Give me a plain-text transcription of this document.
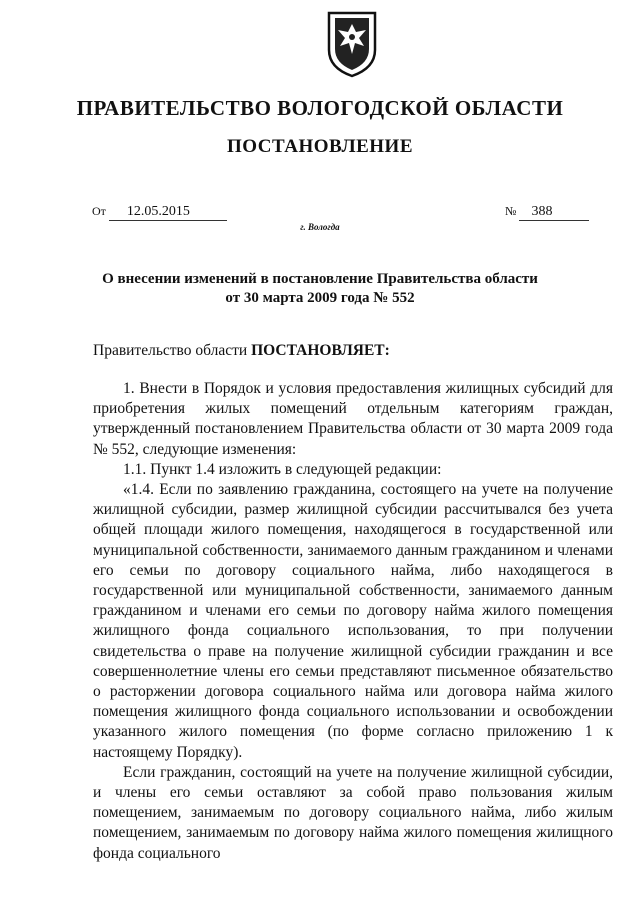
ПРАВИТЕЛЬСТВО ВОЛОГОДСКОЙ ОБЛАСТИ
ПОСТАНОВЛЕНИЕ
От 12.05.2015	№ 388
г. Вологда
О внесении изменений в постановление Правительства области
от 30 марта 2009 года № 552
Правительство области ПОСТАНОВЛЯЕТ:

1. Внести в Порядок и условия предоставления жилищных субсидий для приобретения жилых помещений отдельным категориям граждан, утвержденный постановлением Правительства области от 30 марта 2009 года № 552, следующие изменения:

1.1. Пункт 1.4 изложить в следующей редакции:

«1.4. Если по заявлению гражданина, состоящего на учете на получение жилищной субсидии, размер жилищной субсидии рассчитывался без учета общей площади жилого помещения, находящегося в государственной или муниципальной собственности, занимаемого данным гражданином и членами его семьи по договору социального найма, либо находящегося в государственной или муниципальной собственности, занимаемого данным гражданином и членами его семьи по договору найма жилого помещения жилищного фонда социального использования, то при получении свидетельства о праве на получение жилищной субсидии гражданин и все совершеннолетние члены его семьи представляют письменное обязательство о расторжении договора социального найма или договора найма жилого помещения жилищного фонда социального использовании и освобождении указанного жилого помещения (по форме согласно приложению 1 к настоящему Порядку).

Если гражданин, состоящий на учете на получение жилищной субсидии, и члены его семьи оставляют за собой право пользования жилым помещением, занимаемым по договору социального найма, либо жилым помещением, занимаемым по договору найма жилого помещения жилищного фонда социального
